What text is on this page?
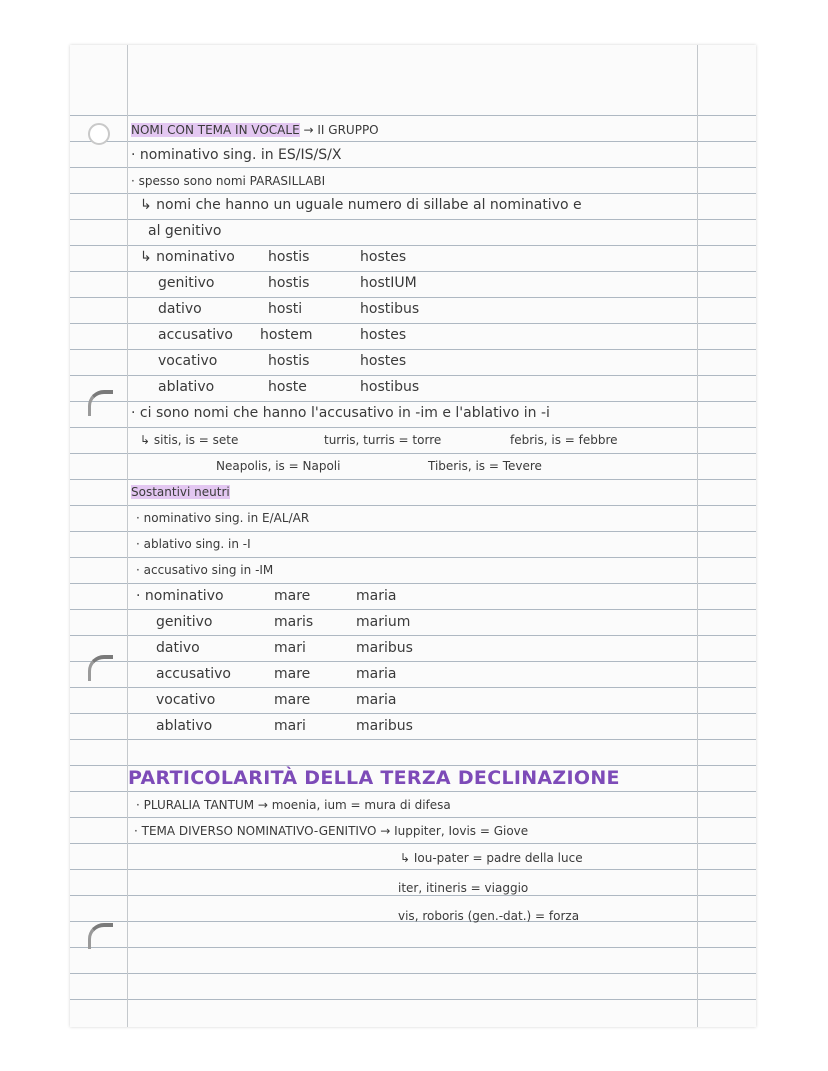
NOMI CON TEMA IN VOCALE → II GRUPPO
· nominativo sing. in ES/IS/S/X
· spesso sono nomi PARASILLABI
↳ nomi che hanno un uguale numero di sillabe al nominativo e
al genitivo
↳ nominativo hostis	hostes
genitivo	hostis	hostIUM
dativo	hosti	hostibus
accusativo hostem	hostes
vocativo	hostis	hostes
ablativo	hoste	hostibus
· ci sono nomi che hanno l'accusativo in -im e l'ablativo in -i
↳ sitis, is = sete	turris, turris = torre	febris, is = febbre
Neapolis, is = Napoli	Tiberis, is = Tevere
Sostantivi neutri
· nominativo sing. in E/AL/AR
· ablativo sing. in -I
· accusativo sing in -IM
· nominativo	mare	maria
genitivo	maris	marium
dativo	mari	maribus
accusativo	mare	maria
vocativo	mare	maria
ablativo	mari	maribus
PARTICOLARITÀ DELLA TERZA DECLINAZIONE
· PLURALIA TANTUM → moenia, ium = mura di difesa
· TEMA DIVERSO NOMINATIVO-GENITIVO → Iuppiter, Iovis = Giove
↳ Iou-pater = padre della luce
iter, itineris = viaggio
vis, roboris (gen.-dat.) = forza
